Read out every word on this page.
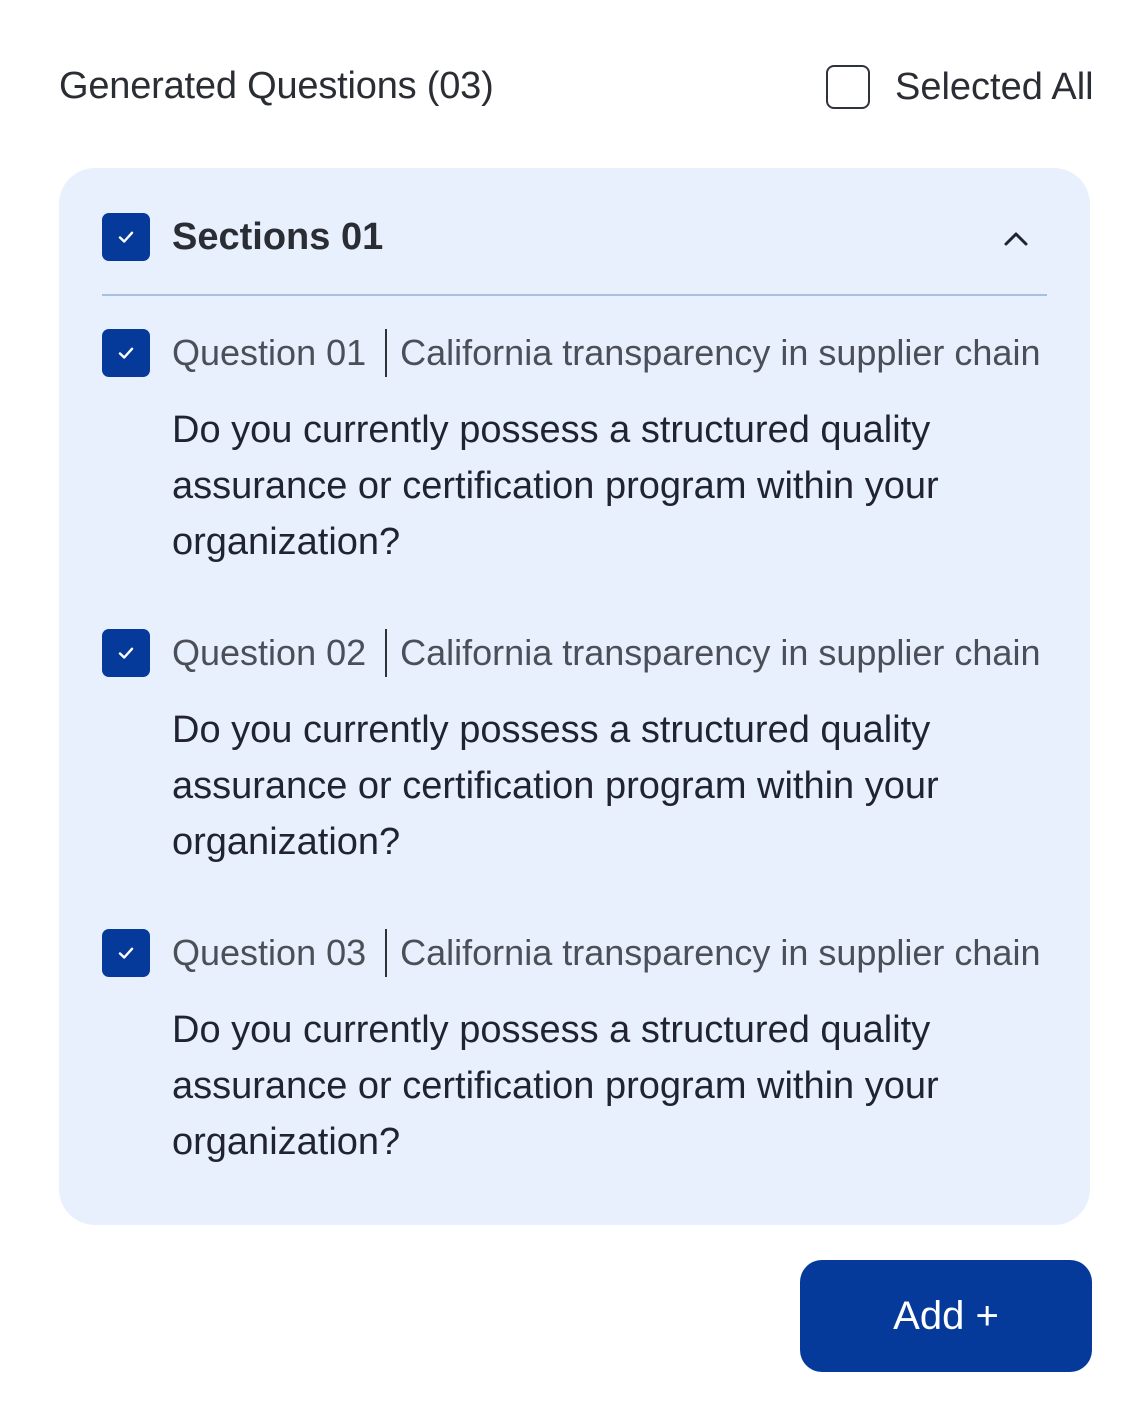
Generated Questions (03)	Selected All
Sections 01
Question 01 California transparency in supplier chain
Do you currently possess a structured quality assurance or certification program within your organization?
Question 02 California transparency in supplier chain
Do you currently possess a structured quality assurance or certification program within your organization?
Question 03 California transparency in supplier chain
Do you currently possess a structured quality assurance or certification program within your organization?
Add +
